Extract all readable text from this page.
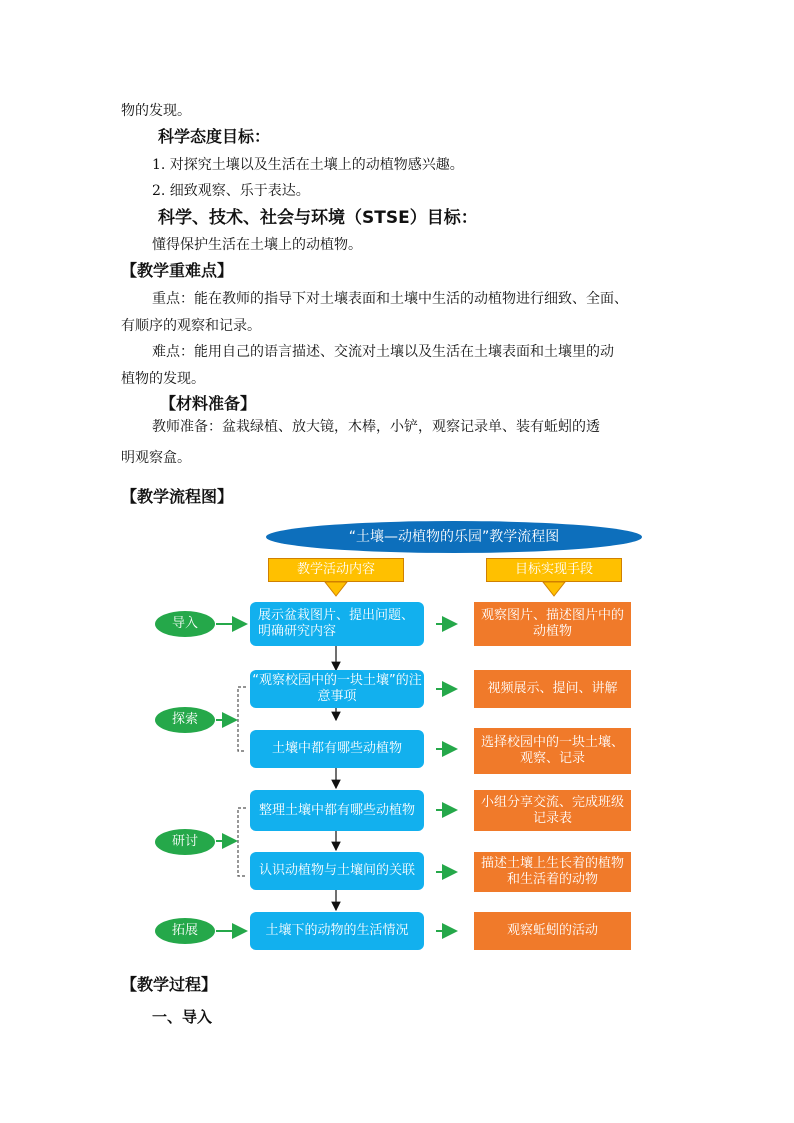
物的发现。
科学态度目标：
1. 对探究土壤以及生活在土壤上的动植物感兴趣。
2. 细致观察、乐于表达。
科学、技术、社会与环境（STSE）目标：
懂得保护生活在土壤上的动植物。
【教学重难点】
重点：能在教师的指导下对土壤表面和土壤中生活的动植物进行细致、全面、
有顺序的观察和记录。
难点：能用自己的语言描述、交流对土壤以及生活在土壤表面和土壤里的动
植物的发现。
【材料准备】
教师准备：盆栽绿植、放大镜，木棒，小铲，观察记录单、装有蚯蚓的透
明观察盒。
【教学流程图】
【教学过程】
一、导入
“土壤—动植物的乐园”教学流程图
教学活动内容	目标实现手段
导入
探索
研讨
拓展
展示盆栽图片、提出问题、明确研究内容
“观察校园中的一块土壤”的注意事项
土壤中都有哪些动植物
整理土壤中都有哪些动植物
认识动植物与土壤间的关联
土壤下的动物的生活情况
观察图片、描述图片中的动植物
视频展示、提问、讲解
选择校园中的一块土壤、观察、记录
小组分享交流、完成班级记录表
描述土壤上生长着的植物和生活着的动物
观察蚯蚓的活动
